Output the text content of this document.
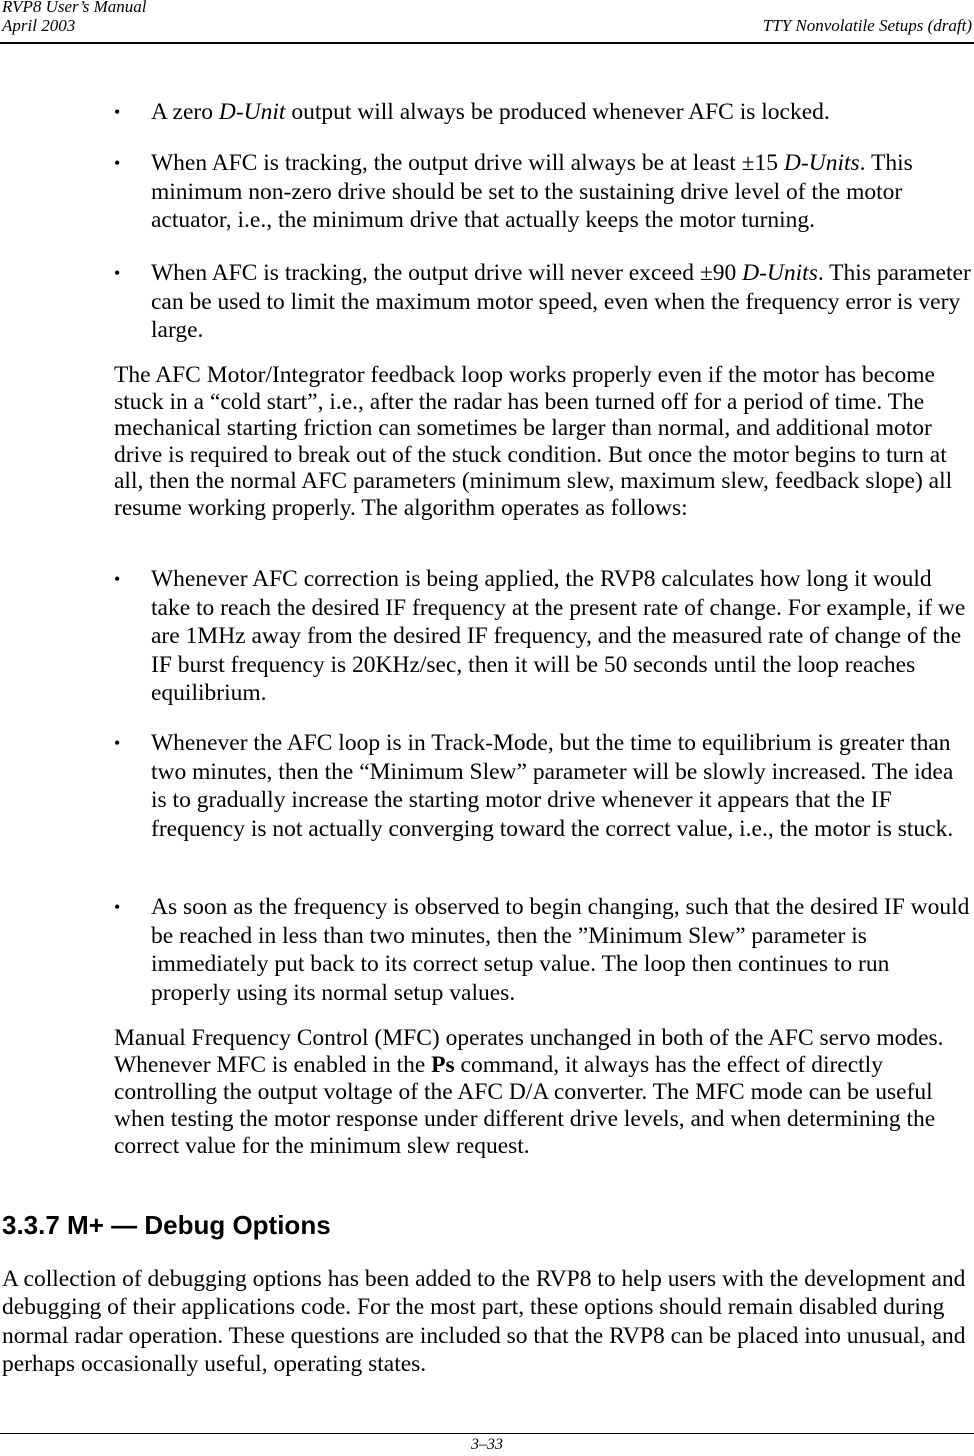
RVP8 User’s Manual
April 2003	TTY Nonvolatile Setups (draft)
•	A zero D-Unit output will always be produced whenever AFC is locked.
•	When AFC is tracking, the output drive will always be at least ±15 D-Units. This minimum non-zero drive should be set to the sustaining drive level of the motor actuator, i.e., the minimum drive that actually keeps the motor turning.
•	When AFC is tracking, the output drive will never exceed ±90 D-Units. This parameter can be used to limit the maximum motor speed, even when the frequency error is very large.
The AFC Motor/Integrator feedback loop works properly even if the motor has become stuck in a “cold start”, i.e., after the radar has been turned off for a period of time. The mechanical starting friction can sometimes be larger than normal, and additional motor drive is required to break out of the stuck condition. But once the motor begins to turn at all, then the normal AFC parameters (minimum slew, maximum slew, feedback slope) all resume working properly. The algorithm operates as follows:
•	Whenever AFC correction is being applied, the RVP8 calculates how long it would take to reach the desired IF frequency at the present rate of change. For example, if we are 1MHz away from the desired IF frequency, and the measured rate of change of the IF burst frequency is 20KHz/sec, then it will be 50 seconds until the loop reaches equilibrium.
•	Whenever the AFC loop is in Track-Mode, but the time to equilibrium is greater than two minutes, then the “Minimum Slew” parameter will be slowly increased. The idea is to gradually increase the starting motor drive whenever it appears that the IF frequency is not actually converging toward the correct value, i.e., the motor is stuck.
•	As soon as the frequency is observed to begin changing, such that the desired IF would be reached in less than two minutes, then the ”Minimum Slew” parameter is immediately put back to its correct setup value. The loop then continues to run properly using its normal setup values.
Manual Frequency Control (MFC) operates unchanged in both of the AFC servo modes. Whenever MFC is enabled in the Ps command, it always has the effect of directly controlling the output voltage of the AFC D/A converter. The MFC mode can be useful when testing the motor response under different drive levels, and when determining the correct value for the minimum slew request.
3.3.7 M+ — Debug Options
A collection of debugging options has been added to the RVP8 to help users with the development and debugging of their applications code. For the most part, these options should remain disabled during normal radar operation. These questions are included so that the RVP8 can be placed into unusual, and perhaps occasionally useful, operating states.
3–33
